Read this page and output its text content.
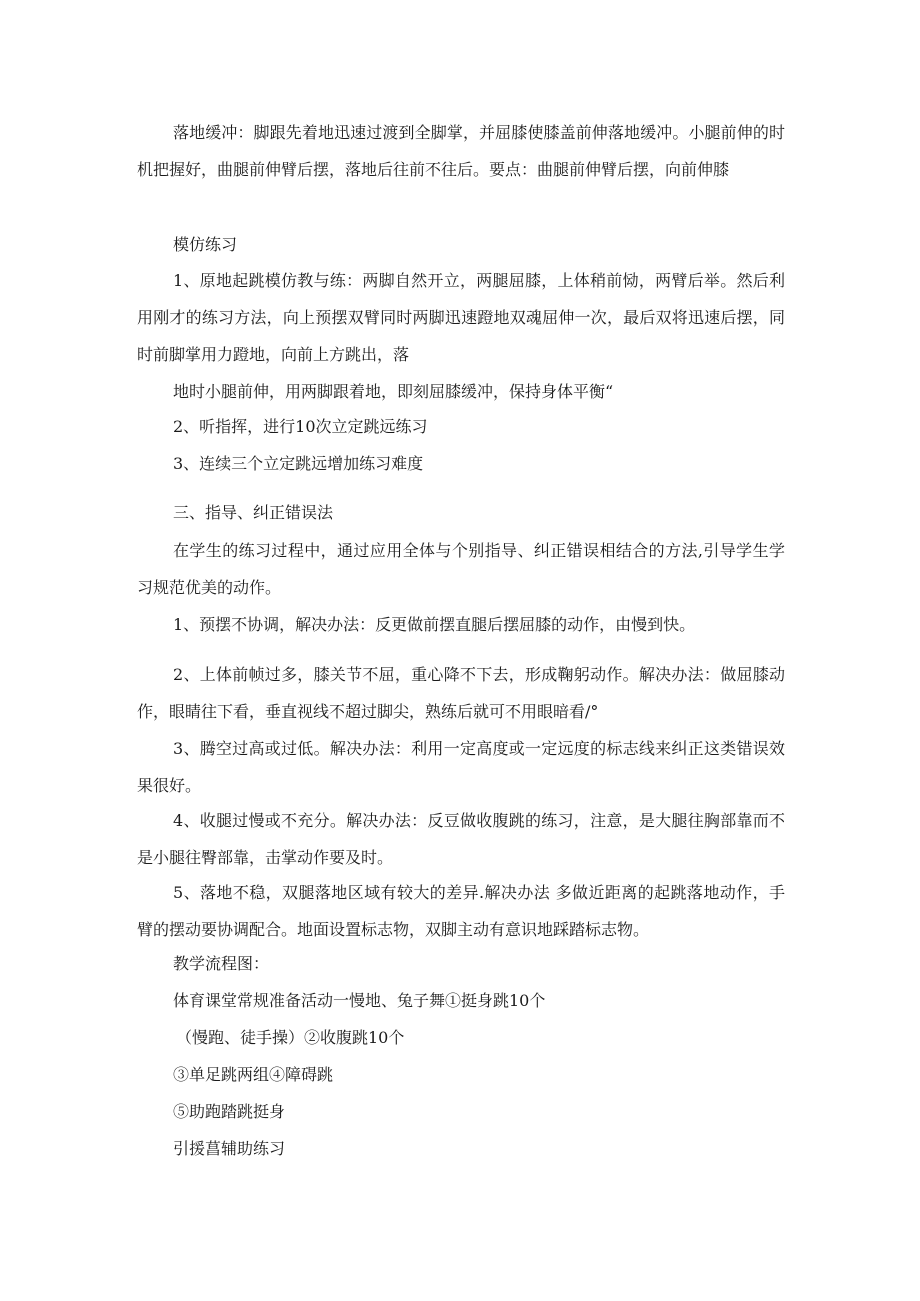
落地缓冲：脚跟先着地迅速过渡到全脚掌，并屈膝使膝盖前伸落地缓冲。小腿前伸的时机把握好，曲腿前伸臂后摆，落地后往前不往后。要点：曲腿前伸臂后摆，向前伸膝

模仿练习

1、原地起跳模仿教与练：两脚自然开立，两腿屈膝，上体稍前恸，两臂后举。然后利用刚才的练习方法，向上预摆双臂同时两脚迅速蹬地双魂屈伸一次，最后双将迅速后摆，同时前脚掌用力蹬地，向前上方跳出，落

地时小腿前伸，用两脚跟着地，即刻屈膝缓冲，保持身体平衡“

2、听指挥，进行10次立定跳远练习

3、连续三个立定跳远增加练习难度

三、指导、纠正错误法

在学生的练习过程中，通过应用全体与个别指导、纠正错误相结合的方法,引导学生学习规范优美的动作。

1、预摆不协调，解决办法：反更做前摆直腿后摆屈膝的动作，由慢到快。

2、上体前帧过多，膝关节不屈，重心降不下去，形成鞠躬动作。解决办法：做屈膝动作，眼睛往下看，垂直视线不超过脚尖，熟练后就可不用眼暗看/°

3、腾空过高或过低。解决办法：利用一定高度或一定远度的标志线来纠正这类错误效果很好。

4、收腿过慢或不充分。解决办法：反豆做收腹跳的练习，注意，是大腿往胸部靠而不是小腿往臀部靠，击掌动作要及时。

5、落地不稳，双腿落地区域有较大的差异.解决办法 多做近距离的起跳落地动作，手臂的摆动要协调配合。地面设置标志物，双脚主动有意识地踩踏标志物。

教学流程图：

体育课堂常规准备活动一慢地、兔子舞①挺身跳10个

（慢跑、徒手操）②收腹跳10个

③单足跳两组④障碍跳

⑤助跑踏跳挺身

引援菖辅助练习
